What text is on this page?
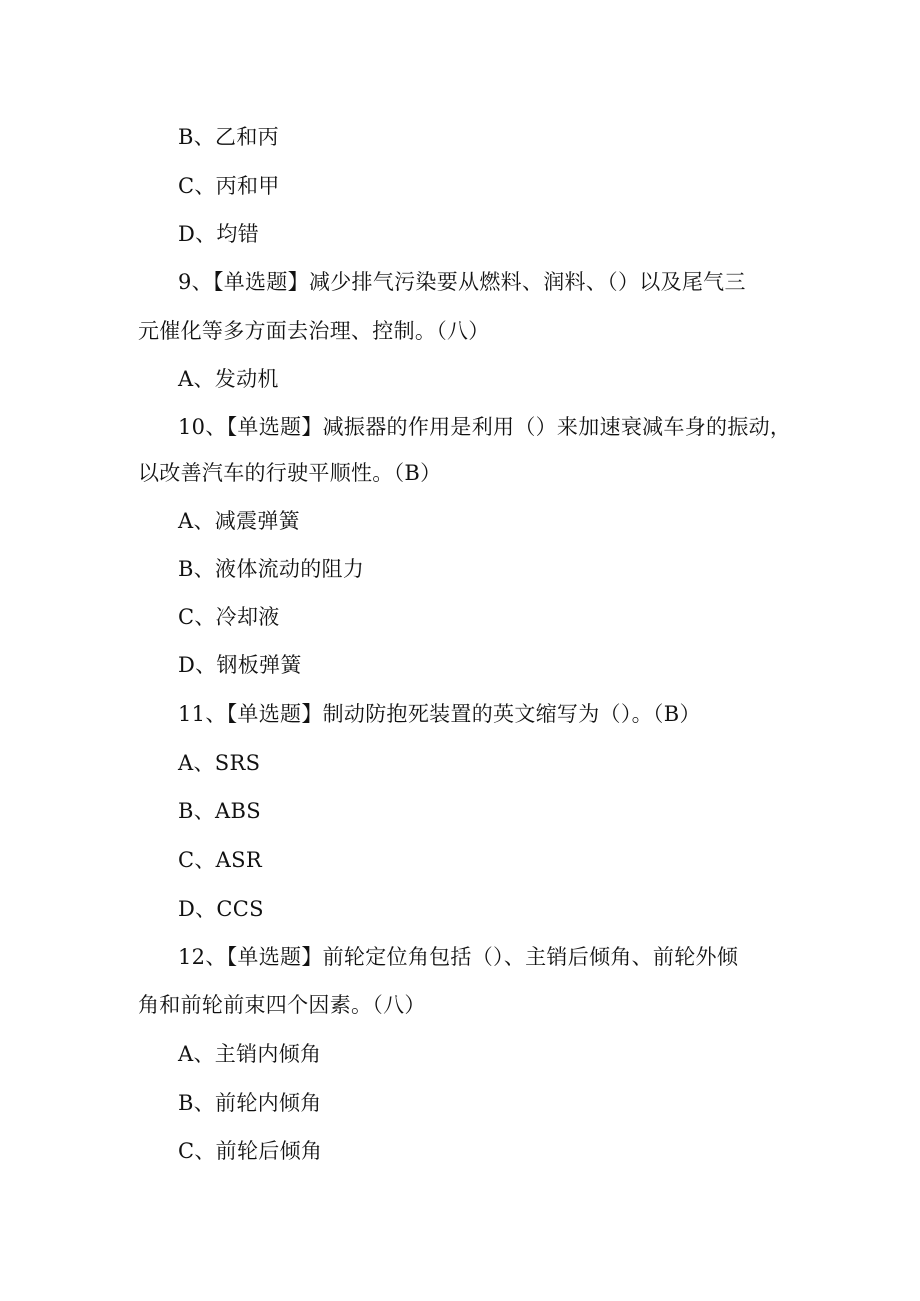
B、乙和丙
C、丙和甲
D、均错
9、【单选题】减少排气污染要从燃料、润料、（）以及尾气三
元催化等多方面去治理、控制。（八）
A、发动机
10、【单选题】减振器的作用是利用（）来加速衰减车身的振动，
以改善汽车的行驶平顺性。（B）
A、减震弹簧
B、液体流动的阻力
C、冷却液
D、钢板弹簧
11、【单选题】制动防抱死装置的英文缩写为（）。（B）
A、SRS
B、ABS
C、ASR
D、CCS
12、【单选题】前轮定位角包括（）、主销后倾角、前轮外倾
角和前轮前束四个因素。（八）
A、主销内倾角
B、前轮内倾角
C、前轮后倾角
